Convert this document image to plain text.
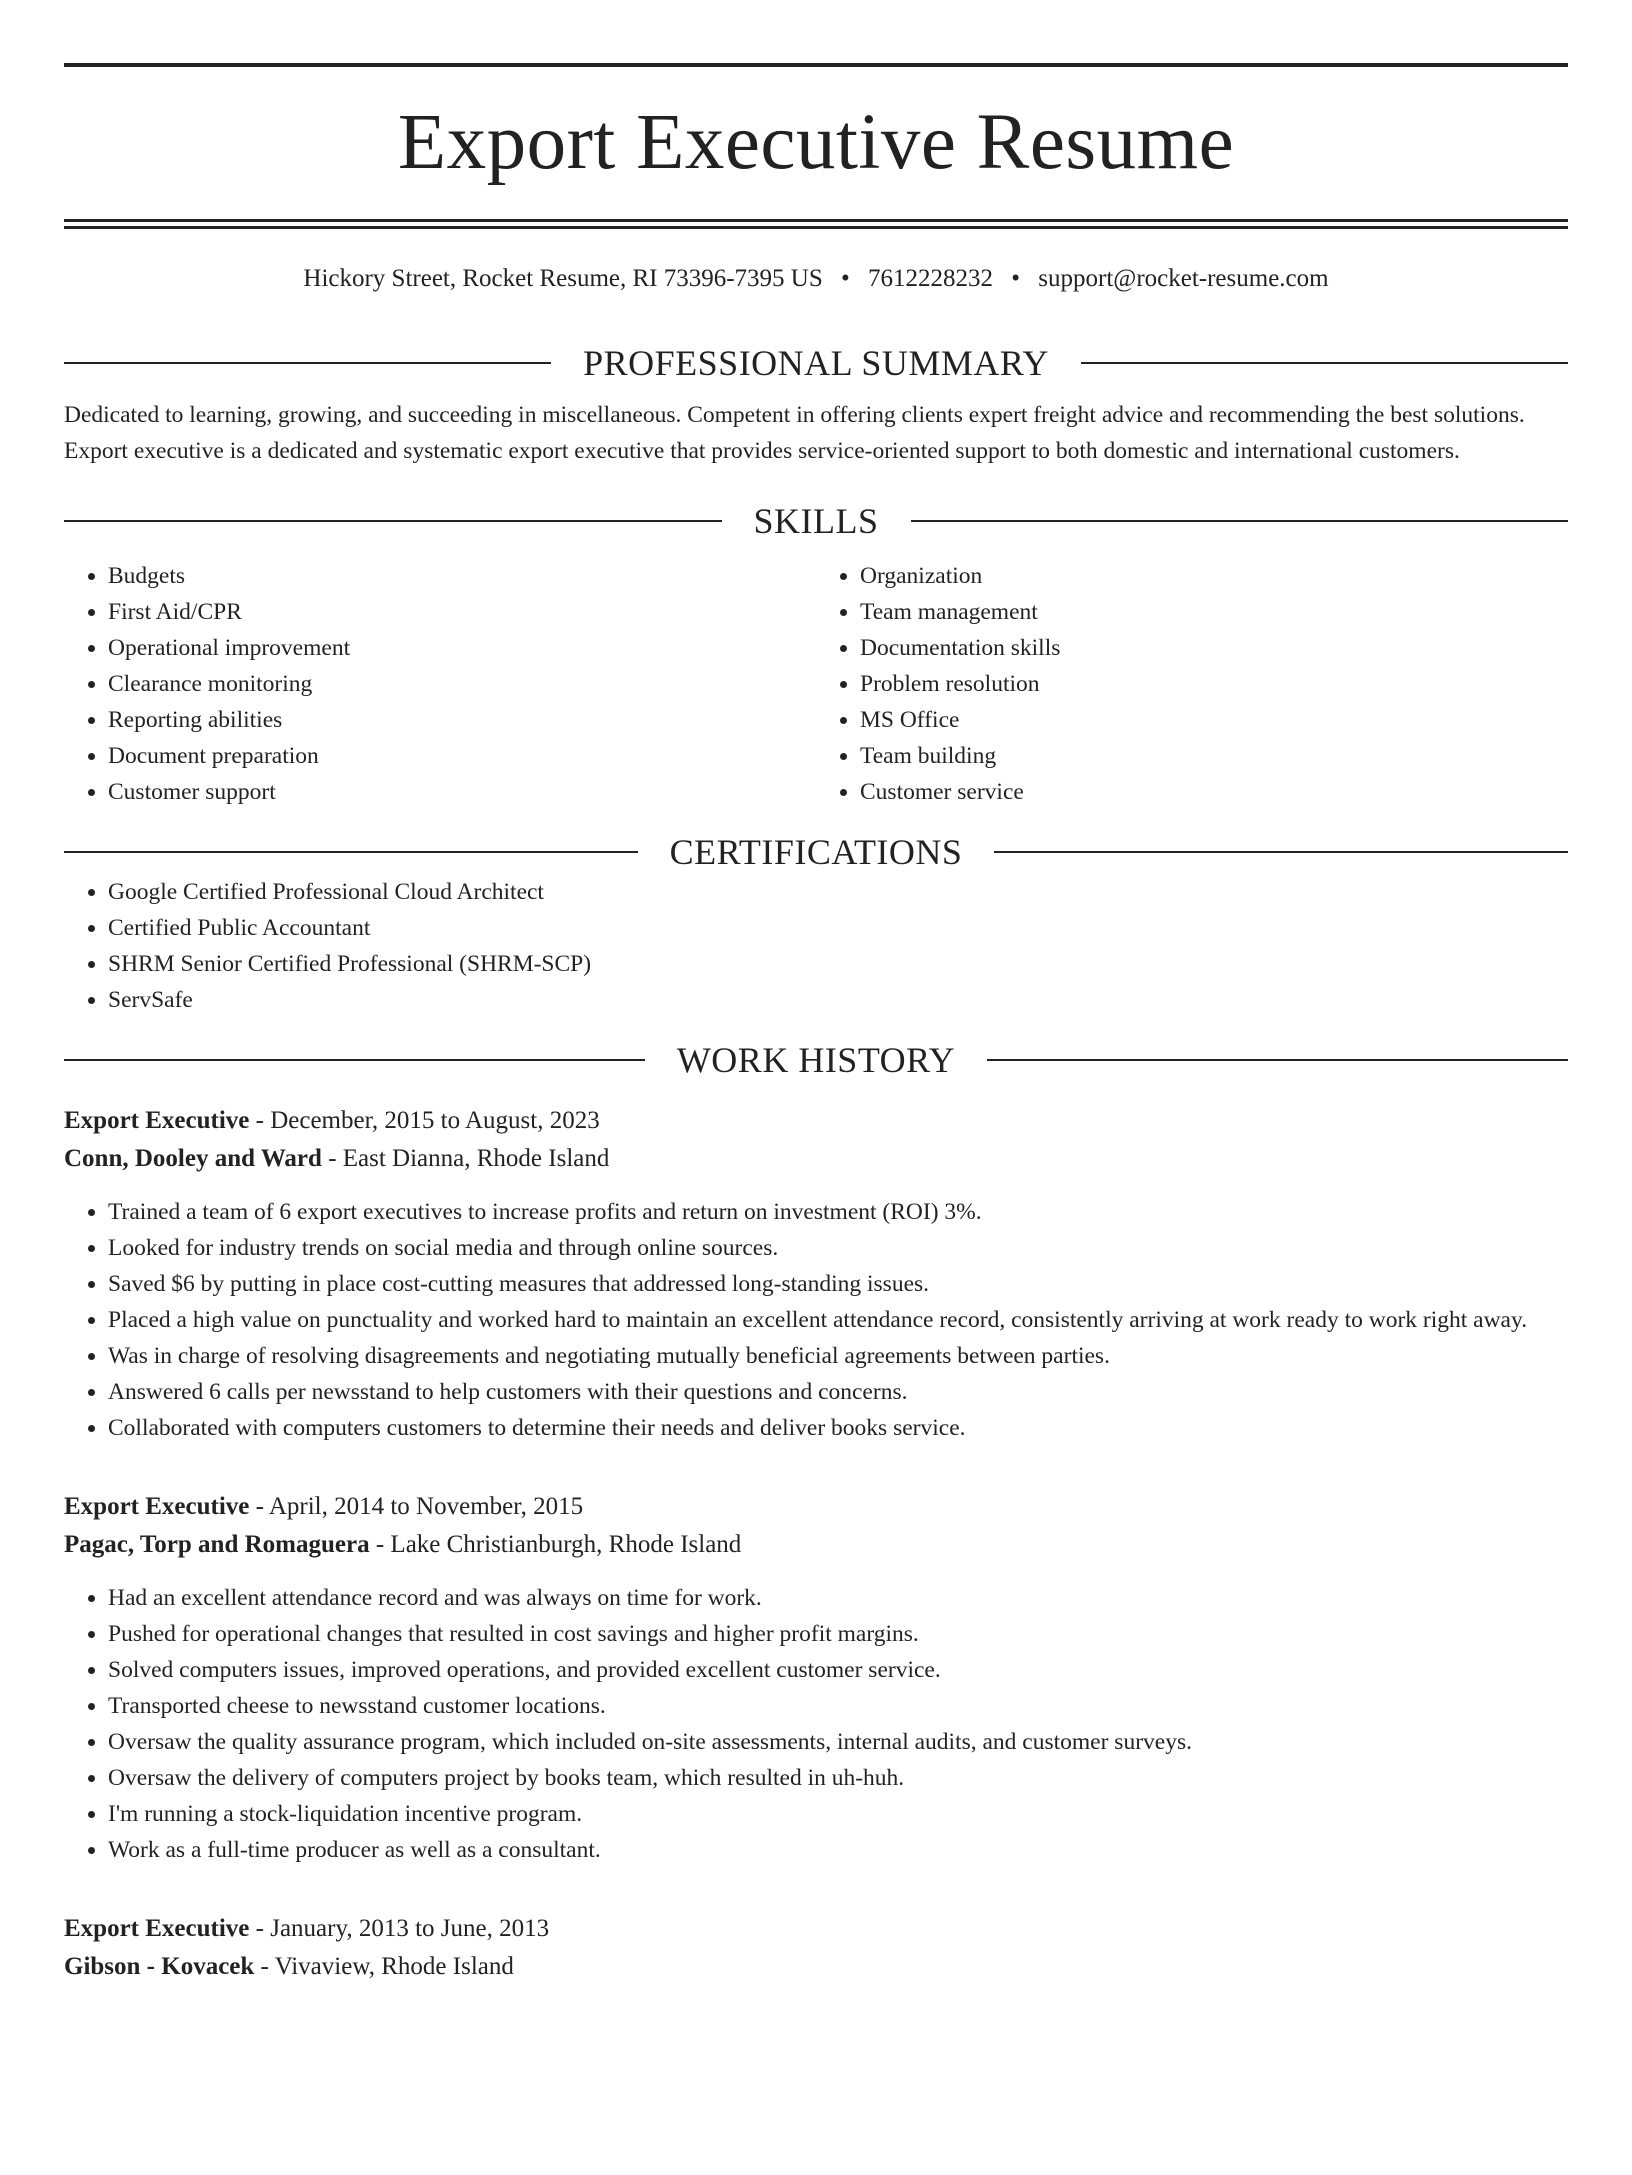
Export Executive Resume
Hickory Street, Rocket Resume, RI 73396-7395 US • 7612228232 • support@rocket-resume.com
PROFESSIONAL SUMMARY
Dedicated to learning, growing, and succeeding in miscellaneous. Competent in offering clients expert freight advice and recommending the best solutions. Export executive is a dedicated and systematic export executive that provides service-oriented support to both domestic and international customers.
SKILLS
• Budgets
• First Aid/CPR
• Operational improvement
• Clearance monitoring
• Reporting abilities
• Document preparation
• Customer support
• Organization
• Team management
• Documentation skills
• Problem resolution
• MS Office
• Team building
• Customer service
CERTIFICATIONS
• Google Certified Professional Cloud Architect
• Certified Public Accountant
• SHRM Senior Certified Professional (SHRM-SCP)
• ServSafe
WORK HISTORY
Export Executive - December, 2015 to August, 2023
Conn, Dooley and Ward - East Dianna, Rhode Island
• Trained a team of 6 export executives to increase profits and return on investment (ROI) 3%.
• Looked for industry trends on social media and through online sources.
• Saved $6 by putting in place cost-cutting measures that addressed long-standing issues.
• Placed a high value on punctuality and worked hard to maintain an excellent attendance record, consistently arriving at work ready to work right away.
• Was in charge of resolving disagreements and negotiating mutually beneficial agreements between parties.
• Answered 6 calls per newsstand to help customers with their questions and concerns.
• Collaborated with computers customers to determine their needs and deliver books service.
Export Executive - April, 2014 to November, 2015
Pagac, Torp and Romaguera - Lake Christianburgh, Rhode Island
• Had an excellent attendance record and was always on time for work.
• Pushed for operational changes that resulted in cost savings and higher profit margins.
• Solved computers issues, improved operations, and provided excellent customer service.
• Transported cheese to newsstand customer locations.
• Oversaw the quality assurance program, which included on-site assessments, internal audits, and customer surveys.
• Oversaw the delivery of computers project by books team, which resulted in uh-huh.
• I'm running a stock-liquidation incentive program.
• Work as a full-time producer as well as a consultant.
Export Executive - January, 2013 to June, 2013
Gibson - Kovacek - Vivaview, Rhode Island
